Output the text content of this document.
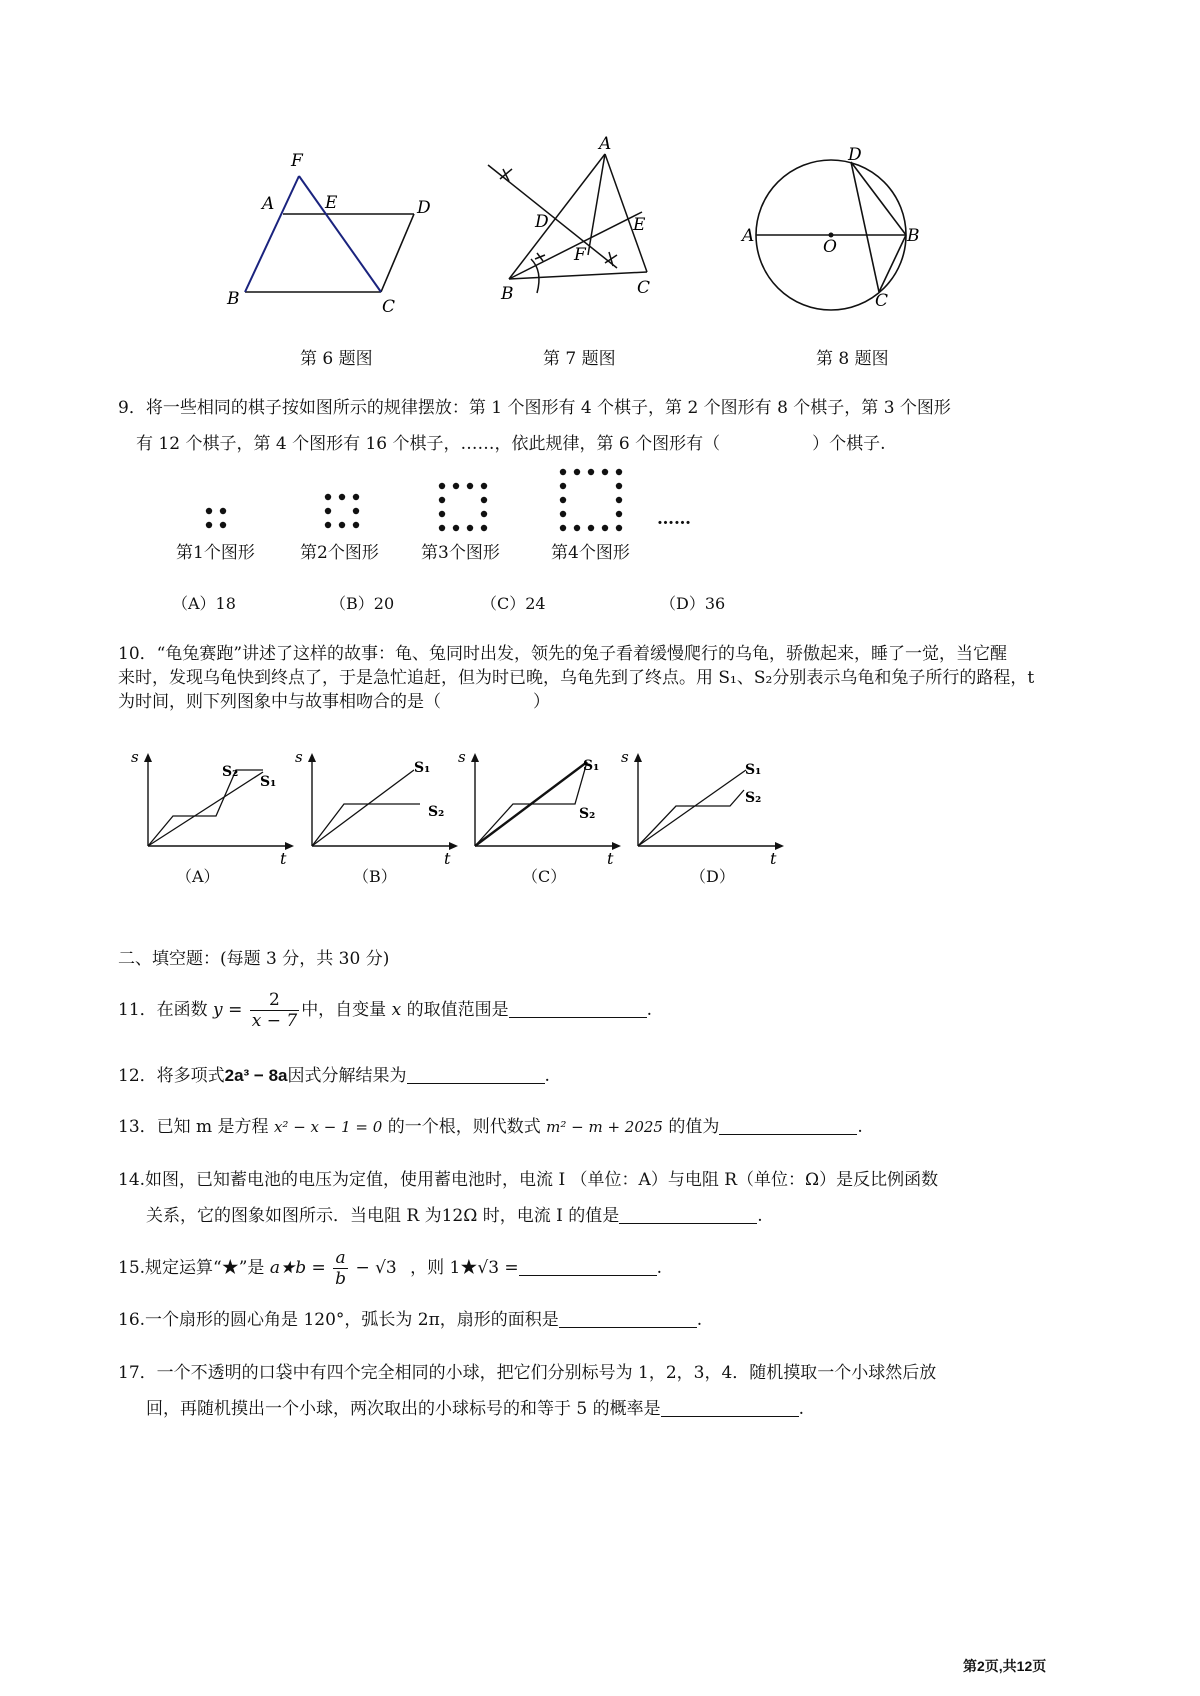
F
A	E	D
B	C
A
D	E
F
B	C
D
A
O
B
C
第 6 题图	第 7 题图	第 8 题图
9．将一些相同的棋子按如图所示的规律摆放：第 1 个图形有 4 个棋子，第 2 个图形有 8 个棋子，第 3 个图形
有 12 个棋子，第 4 个图形有 16 个棋子，……，依此规律，第 6 个图形有（	）个棋子.
……
第1个图形	第2个图形 第3个图形	第4个图形
（A）18	（B）20	（C）24	（D）36
10．“龟兔赛跑”讲述了这样的故事：龟、兔同时出发，领先的兔子看着缓慢爬行的乌龟，骄傲起来，睡了一觉，当它醒
来时，发现乌龟快到终点了，于是急忙追赶，但为时已晚，乌龟先到了终点。用 S₁、S₂分别表示乌龟和兔子所行的路程，t
为时间，则下列图象中与故事相吻合的是（	）
s
t
S₂
S₁
s
t
S₁
S₂
s
t
S₁
S₂
s
t
S₁
S₂
（A）	（B）	（C）	（D）
二、填空题：(每题 3 分，共 30 分)
11．在函数 $y = \frac{2}{x - 7}$ 中，自变量 x 的取值范围是	.
12．将多项式2a³ − 8a因式分解结果为	.
13．已知 m 是方程 x² − x − 1 = 0 的一个根，则代数式 m² − m + 2025 的值为	.
14.如图，已知蓄电池的电压为定值，使用蓄电池时，电流 I （单位：A）与电阻 R（单位：Ω）是反比例函数
关系，它的图象如图所示．当电阻 R 为12Ω 时，电流 I 的值是	.
15.规定运算“★”是 a★b = $\frac{a}{b} - √3$ ，则 1★√3 =	.
16.一个扇形的圆心角是 120°，弧长为 2π，扇形的面积是	.
17．一个不透明的口袋中有四个完全相同的小球，把它们分别标号为 1，2，3，4．随机摸取一个小球然后放
回，再随机摸出一个小球，两次取出的小球标号的和等于 5 的概率是	.
第2页,共12页
